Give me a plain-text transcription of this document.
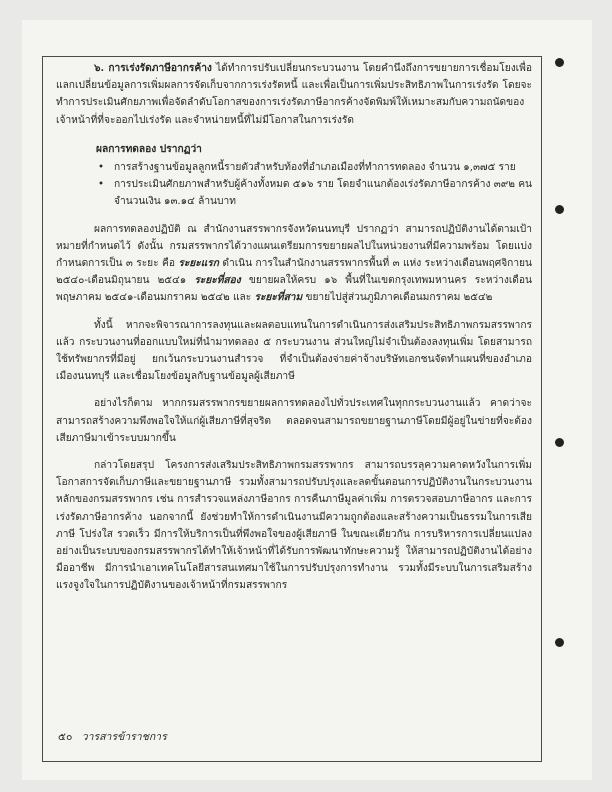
๖. การเร่งรัดภาษีอากรค้าง ได้ทำการปรับเปลี่ยนกระบวนงาน โดยคำนึงถึงการขยายการเชื่อมโยงเพื่อแลกเปลี่ยนข้อมูลการเพิ่มผลการจัดเก็บจากการเร่งรัดหนี้ และเพื่อเป็นการเพิ่มประสิทธิภาพในการเร่งรัด โดยจะทำการประเมินศักยภาพเพื่อจัดลำดับโอกาสของการเร่งรัดภาษีอากรค้างจัดพิมพ์ให้เหมาะสมกับความถนัดของเจ้าหน้าที่ที่จะออกไปเร่งรัด และจำหน่ายหนี้ที่ไม่มีโอกาสในการเร่งรัด

ผลการทดลอง ปรากฏว่า

• การสร้างฐานข้อมูลลูกหนี้รายตัวสำหรับท้องที่อำเภอเมืองที่ทำการทดลอง จำนวน ๑,๓๗๕ ราย
• การประเมินศักยภาพสำหรับผู้ค้างทั้งหมด ๕๑๖ ราย โดยจำแนกต้องเร่งรัดภาษีอากรค้าง ๓๙๒ คน จำนวนเงิน ๑๓.๑๔ ล้านบาท

ผลการทดลองปฏิบัติ ณ สำนักงานสรรพากรจังหวัดนนทบุรี ปรากฏว่า สามารถปฏิบัติงานได้ตามเป้าหมายที่กำหนดไว้ ดังนั้น กรมสรรพากรได้วางแผนเตรียมการขยายผลไปในหน่วยงานที่มีความพร้อม โดยแบ่งกำหนดการเป็น ๓ ระยะ คือ ระยะแรก ดำเนิน การในสำนักงานสรรพากรพื้นที่ ๓ แห่ง ระหว่างเดือนพฤศจิกายน ๒๕๔๐-เดือนมิถุนายน ๒๕๔๑ ระยะที่สอง ขยายผลให้ครบ ๑๖ พื้นที่ในเขตกรุงเทพมหานคร ระหว่างเดือนพฤษภาคม ๒๕๔๑-เดือนมกราคม ๒๕๔๒ และ ระยะที่สาม ขยายไปสู่ส่วนภูมิภาคเดือนมกราคม ๒๕๔๒

ทั้งนี้ หากจะพิจารณาการลงทุนและผลตอบแทนในการดำเนินการส่งเสริมประสิทธิภาพกรมสรรพากรแล้ว กระบวนงานที่ออกแบบใหม่ที่นำมาทดลอง ๕ กระบวนงาน ส่วนใหญ่ไม่จำเป็นต้องลงทุนเพิ่ม โดยสามารถใช้ทรัพยากรที่มีอยู่ ยกเว้นกระบวนงานสำรวจ ที่จำเป็นต้องจ่ายค่าจ้างบริษัทเอกชนจัดทำแผนที่ของอำเภอเมืองนนทบุรี และเชื่อมโยงข้อมูลกับฐานข้อมูลผู้เสียภาษี

อย่างไรก็ตาม หากกรมสรรพากรขยายผลการทดลองไปทั่วประเทศในทุกกระบวนงานแล้ว คาดว่าจะสามารถสร้างความพึงพอใจให้แก่ผู้เสียภาษีที่สุจริต ตลอดจนสามารถขยายฐานภาษีโดยมีผู้อยู่ในข่ายที่จะต้องเสียภาษีมาเข้าระบบมากขึ้น

กล่าวโดยสรุป โครงการส่งเสริมประสิทธิภาพกรมสรรพากร สามารถบรรลุความคาดหวังในการเพิ่มโอกาสการจัดเก็บภาษีและขยายฐานภาษี รวมทั้งสามารถปรับปรุงและลดขั้นตอนการปฏิบัติงานในกระบวนงานหลักของกรมสรรพากร เช่น การสำรวจแหล่งภาษีอากร การคืนภาษีมูลค่าเพิ่ม การตรวจสอบภาษีอากร และการเร่งรัดภาษีอากรค้าง นอกจากนี้ ยังช่วยทำให้การดำเนินงานมีความถูกต้องและสร้างความเป็นธรรมในการเสียภาษี โปร่งใส รวดเร็ว มีการให้บริการเป็นที่พึงพอใจของผู้เสียภาษี ในขณะเดียวกัน การบริหารการเปลี่ยนแปลงอย่างเป็นระบบของกรมสรรพากรได้ทำให้เจ้าหน้าที่ได้รับการพัฒนาทักษะความรู้ ให้สามารถปฏิบัติงานได้อย่างมืออาชีพ มีการนำเอาเทคโนโลยีสารสนเทศมาใช้ในการปรับปรุงการทำงาน รวมทั้งมีระบบในการเสริมสร้างแรงจูงใจในการปฏิบัติงานของเจ้าหน้าที่กรมสรรพากร

๕๐ วารสารข้าราชการ
